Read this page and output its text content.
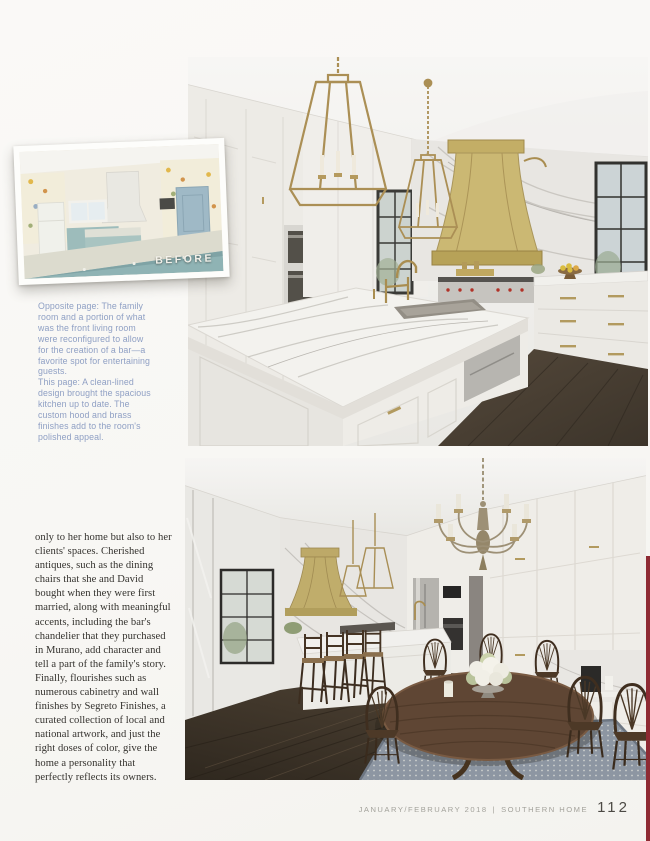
BEFORE
Opposite page: The family room and a portion of what was the front living room were reconfigured to allow for the creation of a bar—a favorite spot for entertaining guests.
This page: A clean-lined design brought the spacious kitchen up to date. The custom hood and brass finishes add to the room's polished appeal.
only to her home but also to her clients' spaces. Cherished antiques, such as the dining chairs that she and David bought when they were first married, along with meaningful accents, including the bar's chandelier that they purchased in Murano, add character and tell a part of the family's story. Finally, flourishes such as numerous cabinetry and wall finishes by Segreto Finishes, a curated collection of local and national artwork, and just the right doses of color, give the home a personality that perfectly reflects its owners.
JANUARY/FEBRUARY 2018 | SOUTHERN HOME 112
